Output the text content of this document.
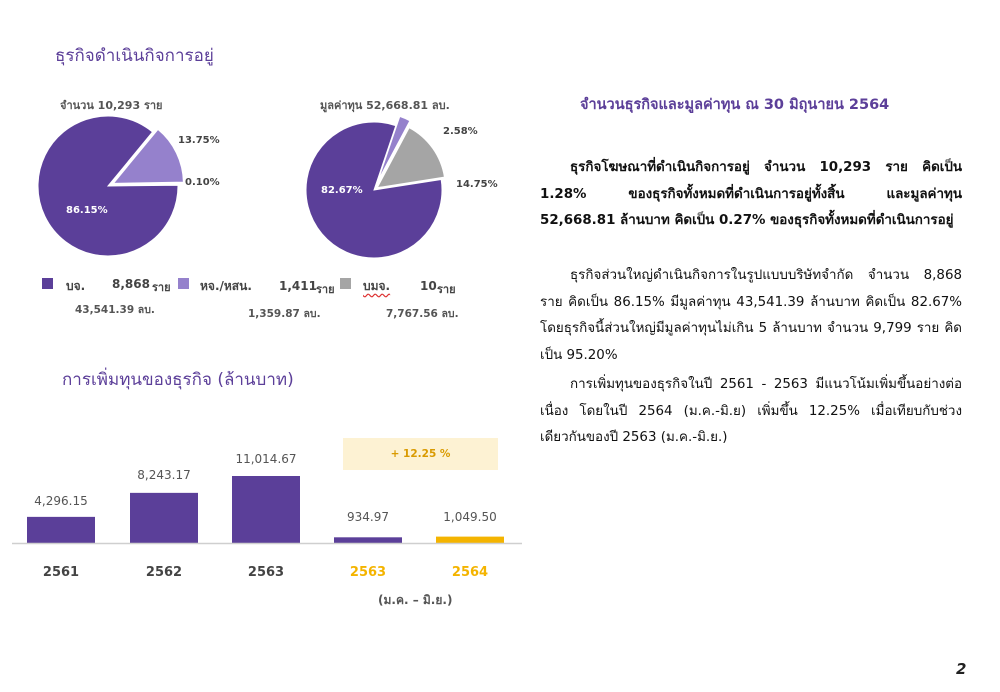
ธุรกิจดำเนินกิจการอยู่
จำนวน 10,293 ราย	มูลค่าทุน 52,668.81 ลบ.
13.75%
0.10%
86.15%
2.58%
14.75%
82.67%
บจ. 8,868 ราย
43,541.39 ลบ.
หจ./หสน. 1,411 ราย
1,359.87 ลบ.
บมจ. 10 ราย
7,767.56 ลบ.
การเพิ่มทุนของธุรกิจ (ล้านบาท)
+ 12.25 %
4,296.15
8,243.17
11,014.67
934.97	1,049.50
2561	2562	2563	2563	2564
(ม.ค. – มิ.ย.)
จำนวนธุรกิจและมูลค่าทุน ณ 30 มิถุนายน 2564

ธุรกิจโฆษณาที่ดำเนินกิจการอยู่ จำนวน 10,293 ราย คิดเป็น 1.28% ของธุรกิจทั้งหมดที่ดำเนินการอยู่ทั้งสิ้น และมูลค่าทุน 52,668.81 ล้านบาท คิดเป็น 0.27% ของธุรกิจทั้งหมดที่ดำเนินการอยู่

ธุรกิจส่วนใหญ่ดำเนินกิจการในรูปแบบบริษัทจำกัด จำนวน 8,868 ราย คิดเป็น 86.15% มีมูลค่าทุน 43,541.39 ล้านบาท คิดเป็น 82.67% โดยธุรกิจนี้ส่วนใหญ่มีมูลค่าทุนไม่เกิน 5 ล้านบาท จำนวน 9,799 ราย คิดเป็น 95.20%

การเพิ่มทุนของธุรกิจในปี 2561 - 2563 มีแนวโน้มเพิ่มขึ้นอย่างต่อเนื่อง โดยในปี 2564 (ม.ค.-มิ.ย) เพิ่มขึ้น 12.25% เมื่อเทียบกับช่วงเดียวกันของปี 2563 (ม.ค.-มิ.ย.)

2
